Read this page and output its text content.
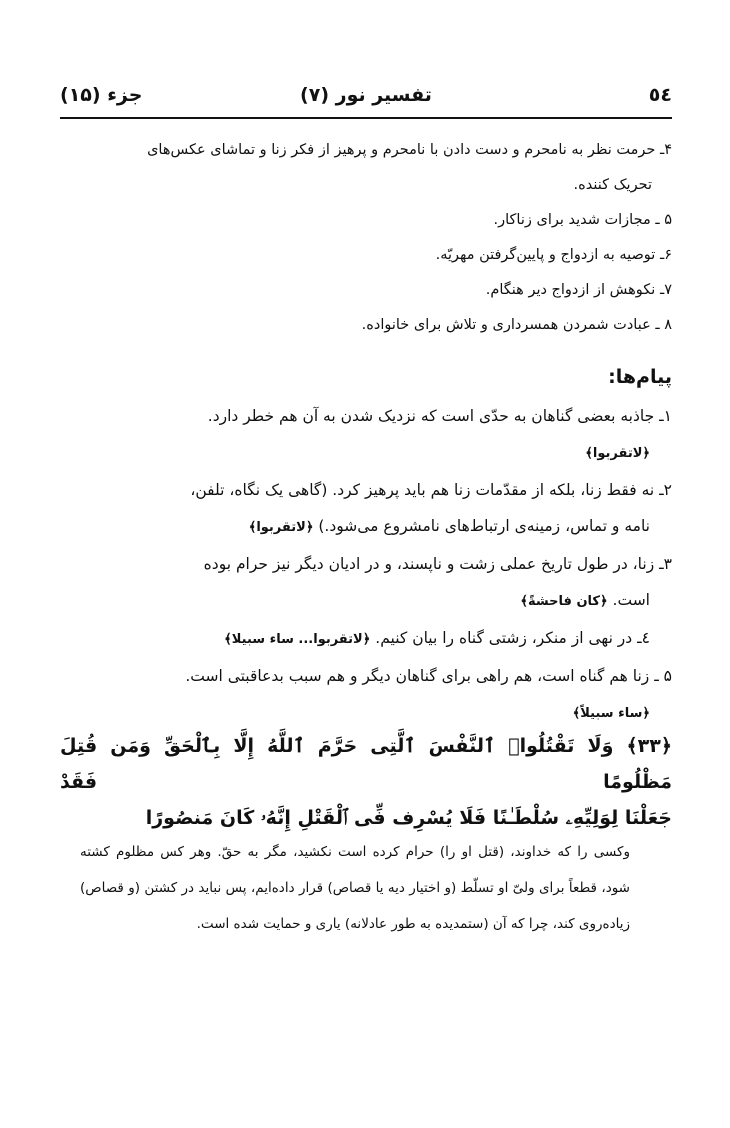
٥٤
تفسیر نور (۷)
جزء (۱۵)
۴ـ حرمت نظر به نامحرم و دست دادن با نامحرم و پرهیز از فکر زنا و تماشای عکس‌های
تحریک کننده.
۵ ـ مجازات شدید برای زناکار.
۶ـ توصیه به ازدواج و پایین‌گرفتن مهریّه.
۷ـ نکوهش از ازدواج دیر هنگام.
۸ ـ عبادت شمردن همسرداری و تلاش برای خانواده.
پیام‌ها:
۱ـ جاذبه بعضی گناهان به حدّی است که نزدیک شدن به آن هم خطر دارد.
﴿لاتقربوا﴾
۲ـ نه فقط زنا، بلکه از مقدّمات زنا هم باید پرهیز کرد. (گاهی یک نگاه، تلفن،
نامه و تماس، زمینه‌ی ارتباط‌های نامشروع می‌شود.) ﴿لاتقربوا﴾
۳ـ زنا، در طول تاریخ عملی زشت و ناپسند، و در ادیان دیگر نیز حرام بوده
است. ﴿کان فاحشةً﴾
٤ـ در نهی از منکر، زشتی گناه را بیان کنیم. ﴿لاتقربوا... ساء سبیلا﴾
۵ ـ زنا هم گناه است، هم راهی برای گناهان دیگر و هم سبب بدعاقبتی است.
﴿ساء سبیلاً﴾
﴿۳۳﴾ وَلَا تَقْتُلُوا۟ ٱلنَّفْسَ ٱلَّتِى حَرَّمَ ٱللَّهُ إِلَّا بِٱلْحَقِّ وَمَن قُتِلَ مَظْلُومًا فَقَدْ
جَعَلْنَا لِوَلِيِّهِۦ سُلْطَـٰنًا فَلَا يُسْرِف فِّى ٱلْقَتْلِ إِنَّهُۥ كَانَ مَنصُورًا
وکسی را که خداوند، (قتل او را) حرام کرده است نکشید، مگر به حقّ. وهر کس مظلوم کشته شود، قطعاً برای ولیّ او تسلّط (و اختیار دیه یا قصاص) قرار داده‌ایم، پس نباید در کشتن (و قصاص) زیاده‌روی کند، چرا که آن (ستمدیده به طور عادلانه) یاری و حمایت شده است.
